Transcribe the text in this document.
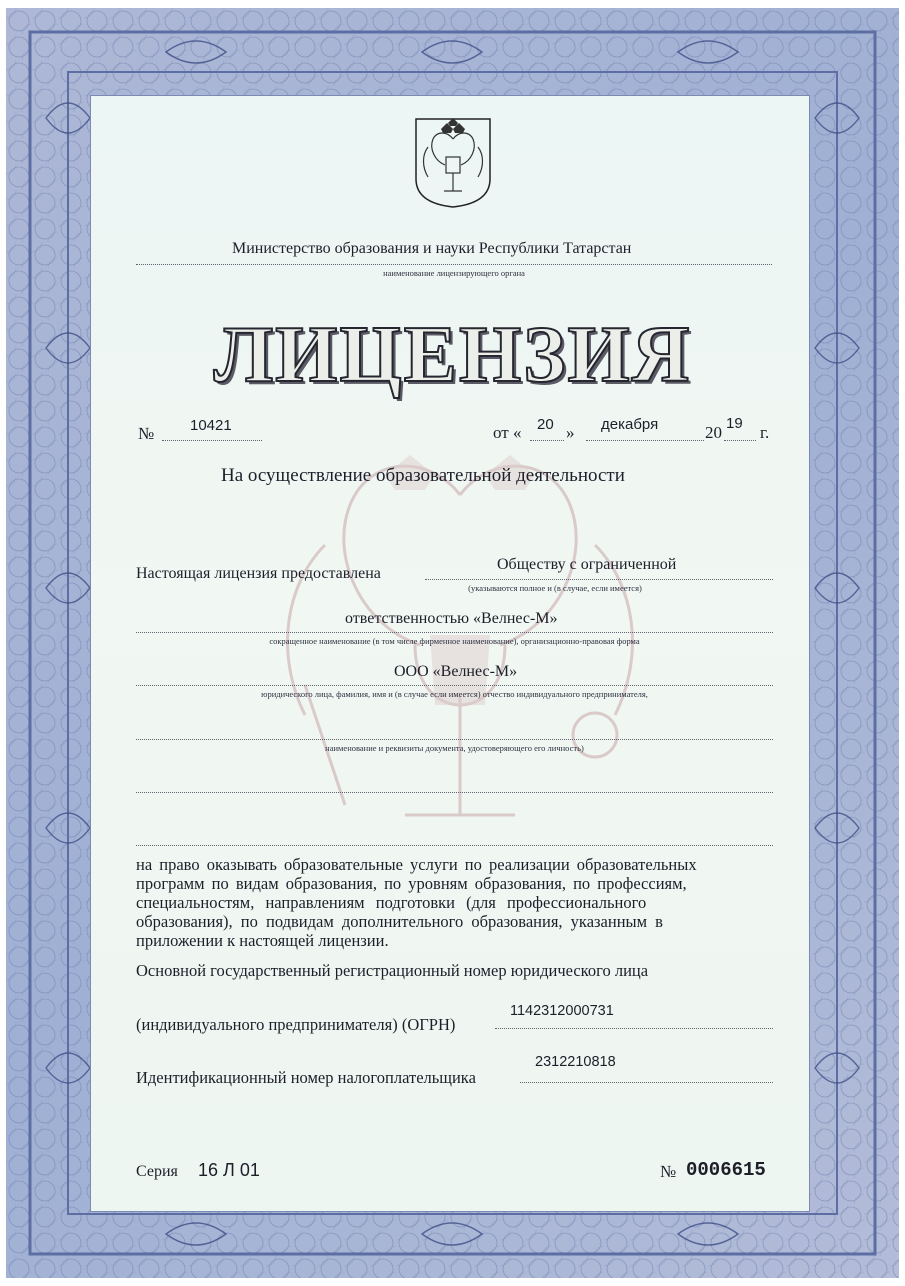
Министерство образования и науки Республики Татарстан
наименование лицензирующего органа
ЛИЦЕНЗИЯ
№ 10421	от « 20 » декабря	20 19 г.
На осуществление образовательной деятельности
Настоящая лицензия предоставлена
Обществу с ограниченной
(указываются полное и (в случае, если имеется)
ответственностью «Велнес-М»
сокращенное наименование (в том числе фирменное наименование), организационно-правовая форма
ООО «Велнес-М»
юридического лица, фамилия, имя и (в случае если имеется) отчество индивидуального предпринимателя,
наименование и реквизиты документа, удостоверяющего его личность)
на право оказывать образовательные услуги по реализации образовательных
программ по видам образования, по уровням образования, по профессиям,
специальностям, направлениям подготовки (для профессионального
образования), по подвидам дополнительного образования, указанным в
приложении к настоящей лицензии.
Основной государственный регистрационный номер юридического лица
(индивидуального предпринимателя) (ОГРН)
1142312000731
Идентификационный номер налогоплательщика
2312210818
Серия 16 Л 01	№ 0006615
